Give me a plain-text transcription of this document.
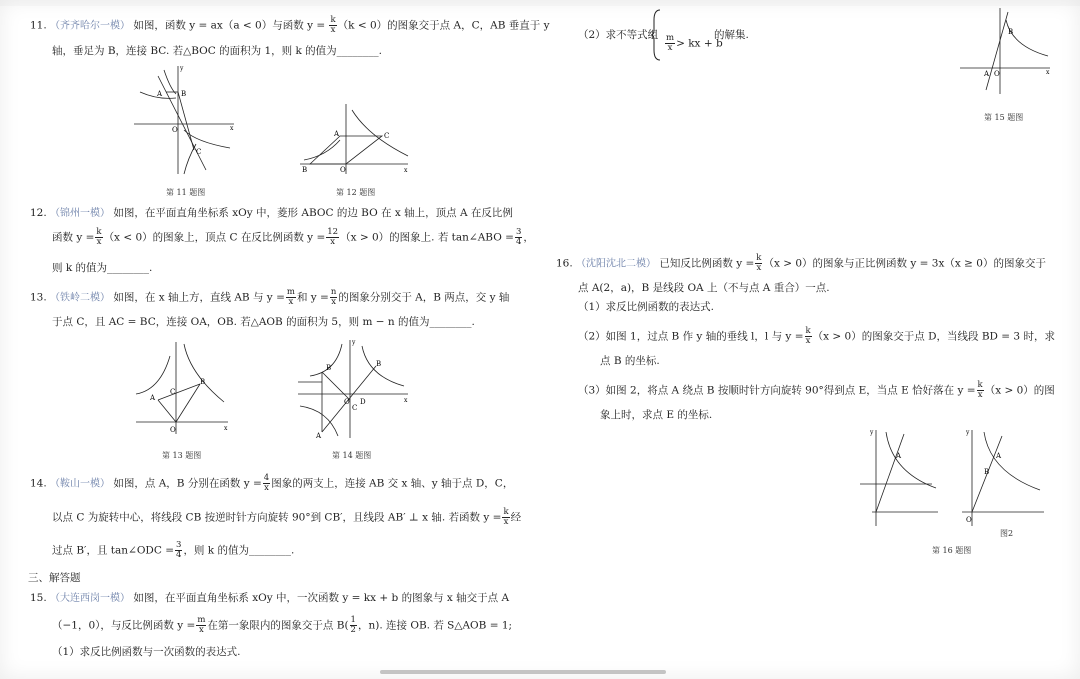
11. （齐齐哈尔一模） 如图，函数 y = ax（a < 0）与函数 $y = \frac{k}{x} (k < 0)$的图象交于点 A，C，AB 垂直于 y
轴，垂足为 B，连接 BC. 若△BOC 的面积为 1，则 k 的值为________.
A	B
C
O	x
y
第 11 题图
B
A	C
O	x
第 12 题图
12. （锦州一模） 如图，在平面直角坐标系 xOy 中，菱形 ABOC 的边 BO 在 x 轴上，顶点 A 在反比例
函数 $y = \frac{k}{x} (x < 0)$的图象上，顶点 C 在反比例函数 $y = \frac{12}{x} (x > 0)$的图象上. 若 tan∠ABO = $\frac{3}{4}$ ，
则 k 的值为________.
13. （铁岭二模） 如图，在 x 轴上方，直线 AB 与 $y = \frac{m}{x}$ 和 $y = \frac{n}{x}$ 的图象分别交于 A，B 两点，交 y 轴
于点 C，且 AC = BC，连接 OA，OB. 若△AOB 的面积为 5，则 m − n 的值为________.
A
B
C
O	x
第 13 题图
A
B
B′
C
D
O	x
y
第 14 题图
14. （鞍山一模） 如图，点 A，B 分别在函数 $y = \frac{4}{x}$ 图象的两支上，连接 AB 交 x 轴、y 轴于点 D，C，
以点 C 为旋转中心，将线段 CB 按逆时针方向旋转 90°到 CB′，且线段 AB′ ⊥ x 轴. 若函数 $y = \frac{k}{x}$ 经
过点 B′，且 tan∠ODC = $\frac{3}{4}$ ，则 k 的值为________.
三、解答题
15. （大连西岗一模） 如图，在平面直角坐标系 xOy 中，一次函数 y = kx + b 的图象与 x 轴交于点 A
（−1，0），与反比例函数 $y = \frac{m}{x}$ 在第一象限内的图象交于点 $B( \frac{1}{2}$ ，n). 连接 OB. 若 S△AOB = 1;
（1）求反比例函数与一次函数的表达式.
（2）求不等式组 $\frac{m}{x}$ > kx + b
的解集.
A O
B
x
第 15 题图
16. （沈阳沈北二模） 已知反比例函数 $y = \frac{k}{x} (x > 0)$的图象与正比例函数 y = 3x（x ≥ 0）的图象交于
点 A(2，a)，B 是线段 OA 上（不与点 A 重合）一点.
（1）求反比例函数的表达式.
（2）如图 1，过点 B 作 y 轴的垂线 l，l 与 $y = \frac{k}{x} (x > 0)$的图象交于点 D，当线段 BD = 3 时，求
点 B 的坐标.
（3）如图 2，将点 A 绕点 B 按顺时针方向旋转 90°得到点 E，当点 E 恰好落在 $y = \frac{k}{x} (x > 0)$的图
象上时，求点 E 的坐标.
A
y
A
B
O
y
图2
第 16 题图
